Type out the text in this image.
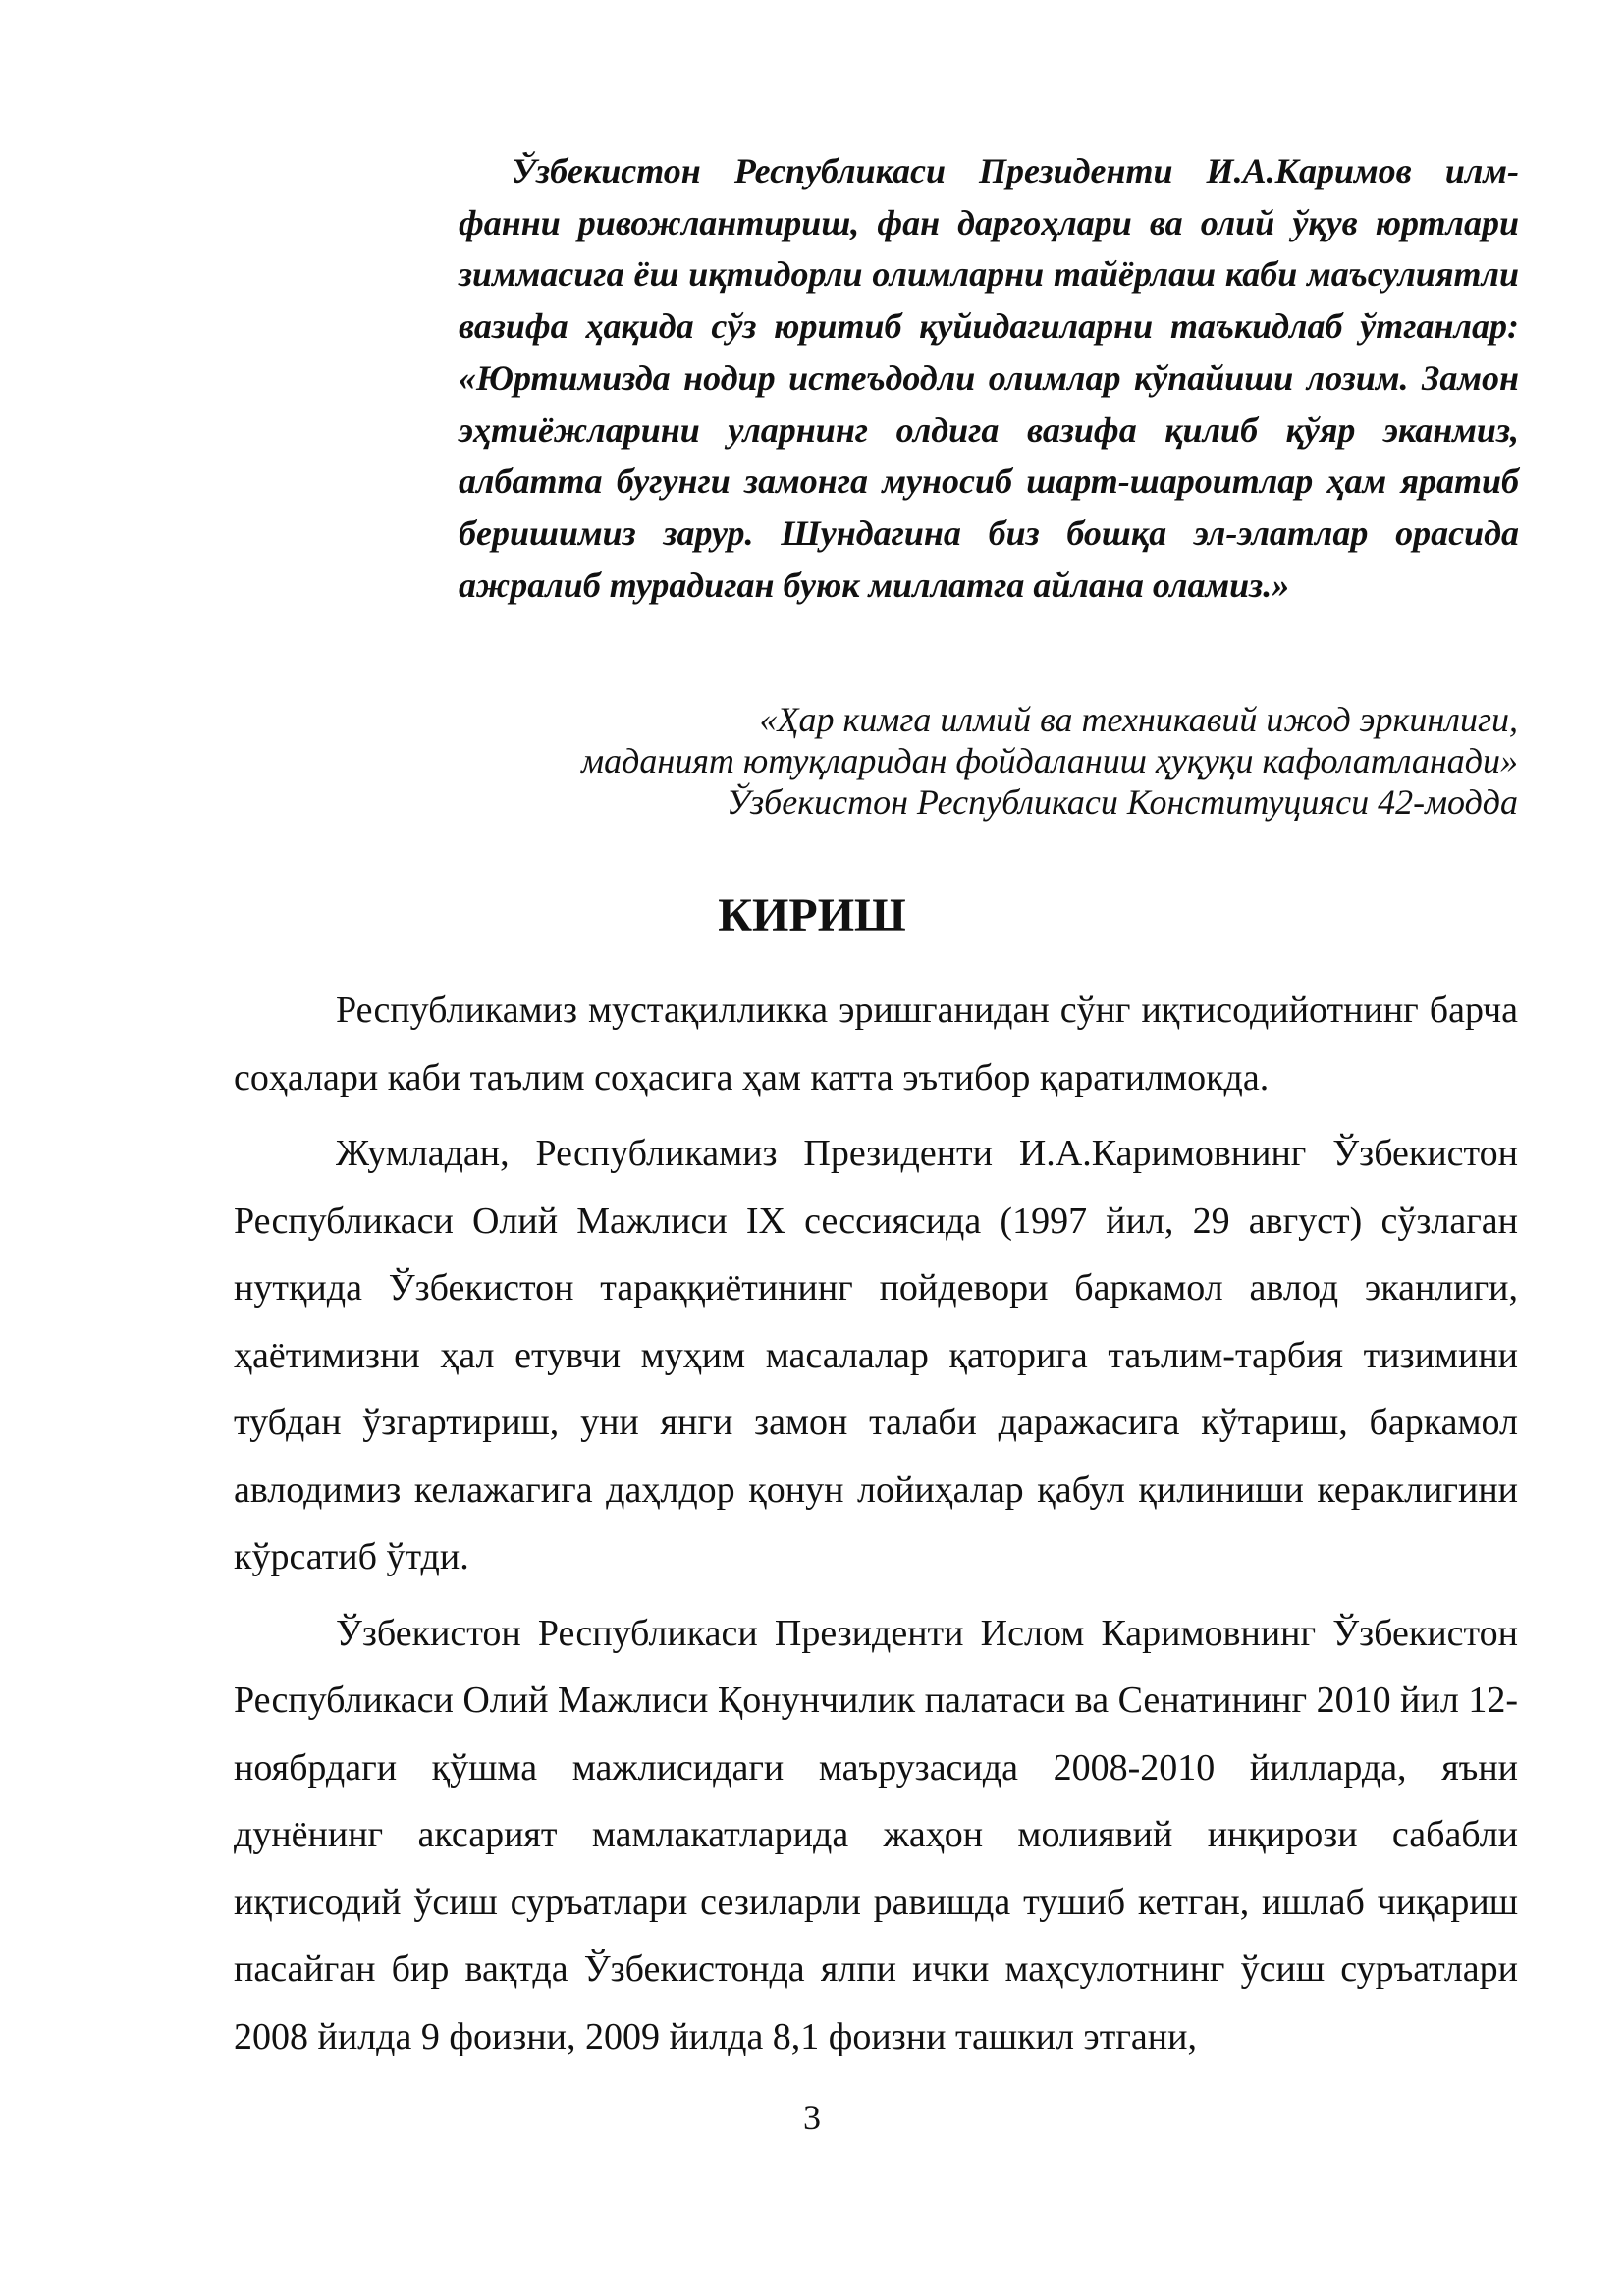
Ўзбекистон Республикаси Президенти И.А.Каримов илм-фанни ривожлантириш, фан даргоҳлари ва олий ўқув юртлари зиммасига ёш иқтидорли олимларни тайёрлаш каби маъсулиятли вазифа ҳақида сўз юритиб қуйидагиларни таъкидлаб ўтганлар: «Юртимизда нодир истеъдодли олимлар кўпайиши лозим. Замон эҳтиёжларини уларнинг олдига вазифа қилиб қўяр эканмиз, албатта бугунги замонга муносиб шарт-шароитлар ҳам яратиб беришимиз зарур. Шундагина биз бошқа эл-элатлар орасида ажралиб турадиган буюк миллатга айлана оламиз.»

«Ҳар кимга илмий ва техникавий ижод эркинлиги,
маданият ютуқларидан фойдаланиш ҳуқуқи кафолатланади»
Ўзбекистон Республикаси Конституцияси 42-модда
КИРИШ

Республикамиз мустақилликка эришганидан сўнг иқтисодийотнинг барча соҳалари каби таълим соҳасига ҳам катта эътибор қаратилмокда.

Жумладан, Республикамиз Президенти И.А.Каримовнинг Ўзбекистон Республикаси Олий Мажлиси IX сессиясида (1997 йил, 29 август) сўзлаган нутқида Ўзбекистон тараққиётининг пойдевори баркамол авлод эканлиги, ҳаётимизни ҳал етувчи муҳим масалалар қаторига таълим-тарбия тизимини тубдан ўзгартириш, уни янги замон талаби даражасига кўтариш, баркамол авлодимиз келажагига даҳлдор қонун лойиҳалар қабул қилиниши кераклигини кўрсатиб ўтди.

Ўзбекистон Республикаси Президенти Ислом Каримовнинг Ўзбекистон Республикаси Олий Мажлиси Қонунчилик палатаси ва Сенатининг 2010 йил 12-ноябрдаги қўшма мажлисидаги маърузасида 2008-2010 йилларда, яъни дунёнинг аксарият мамлакатларида жаҳон молиявий инқирози сабабли иқтисодий ўсиш суръатлари сезиларли равишда тушиб кетган, ишлаб чиқариш пасайган бир вақтда Ўзбекистонда ялпи ички маҳсулотнинг ўсиш суръатлари 2008 йилда 9 фоизни, 2009 йилда 8,1 фоизни ташкил этгани,

3
